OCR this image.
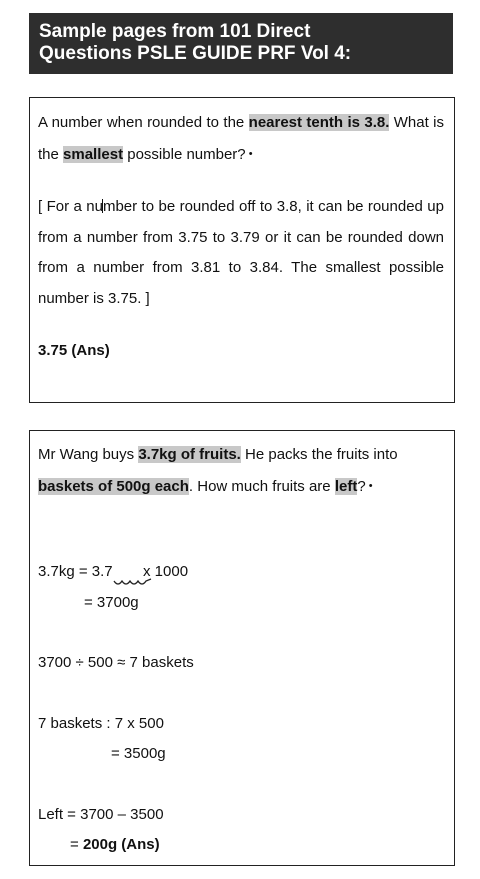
Sample pages from 101 Direct
Questions PSLE GUIDE PRF Vol 4:

A number when rounded to the nearest tenth is 3.8. What is the smallest possible number? •

[ For a number to be rounded off to 3.8, it can be rounded up from a number from 3.75 to 3.79 or it can be rounded down from a number from 3.81 to 3.84. The smallest possible number is 3.75. ]

3.75 (Ans)

Mr Wang buys 3.7kg of fruits. He packs the fruits into baskets of 500g each. How much fruits are left? •

3.7kg = 3.7 x 1000
= 3700g
3700 ÷ 500 ≈ 7 baskets
7 baskets : 7 x 500
= 3500g
Left = 3700 – 3500
= 200g (Ans)
